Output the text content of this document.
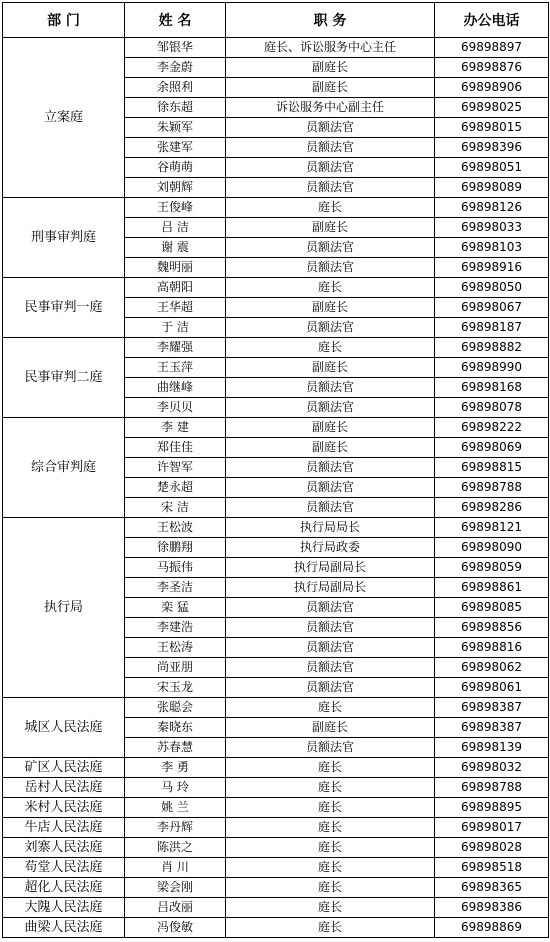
部 门	姓 名	职 务	办公电话
立案庭	邹银华	庭长、诉讼服务中心主任	69898897
	李金蔚	副庭长	69898876
	余照利	副庭长	69898906
	徐东超	诉讼服务中心副主任	69898025
	朱颖军	员额法官	69898015
	张建军	员额法官	69898396
	谷萌萌	员额法官	69898051
	刘朝辉	员额法官	69898089
刑事审判庭	王俊峰	庭长	69898126
	吕 洁	副庭长	69898033
	谢 震	员额法官	69898103
	魏明丽	员额法官	69898916
民事审判一庭	高朝阳	庭长	69898050
	王华超	副庭长	69898067
	于 洁	员额法官	69898187
民事审判二庭	李耀强	庭长	69898882
	王玉萍	副庭长	69898990
	曲继峰	员额法官	69898168
	李贝贝	员额法官	69898078
综合审判庭	李 建	副庭长	69898222
	郑佳佳	副庭长	69898069
	许智军	员额法官	69898815
	楚永超	员额法官	69898788
	宋 洁	员额法官	69898286
执行局	王松波	执行局局长	69898121
	徐鹏翔	执行局政委	69898090
	马振伟	执行局副局长	69898059
	李圣洁	执行局副局长	69898861
	栾 猛	员额法官	69898085
	李建浩	员额法官	69898856
	王松涛	员额法官	69898816
	尚亚朋	员额法官	69898062
	宋玉龙	员额法官	69898061
城区人民法庭	张聪会	庭长	69898387
	秦晓东	副庭长	69898387
	苏春慧	员额法官	69898139
矿区人民法庭	李 勇	庭长	69898032
岳村人民法庭	马 玲	庭长	69898788
米村人民法庭	姚 兰	庭长	69898895
牛店人民法庭	李丹辉	庭长	69898017
刘寨人民法庭	陈洪之	庭长	69898028
苟堂人民法庭	肖 川	庭长	69898518
超化人民法庭	梁会刚	庭长	69898365
大隗人民法庭	吕改丽	庭长	69898386
曲梁人民法庭	冯俊敏	庭长	69898869
